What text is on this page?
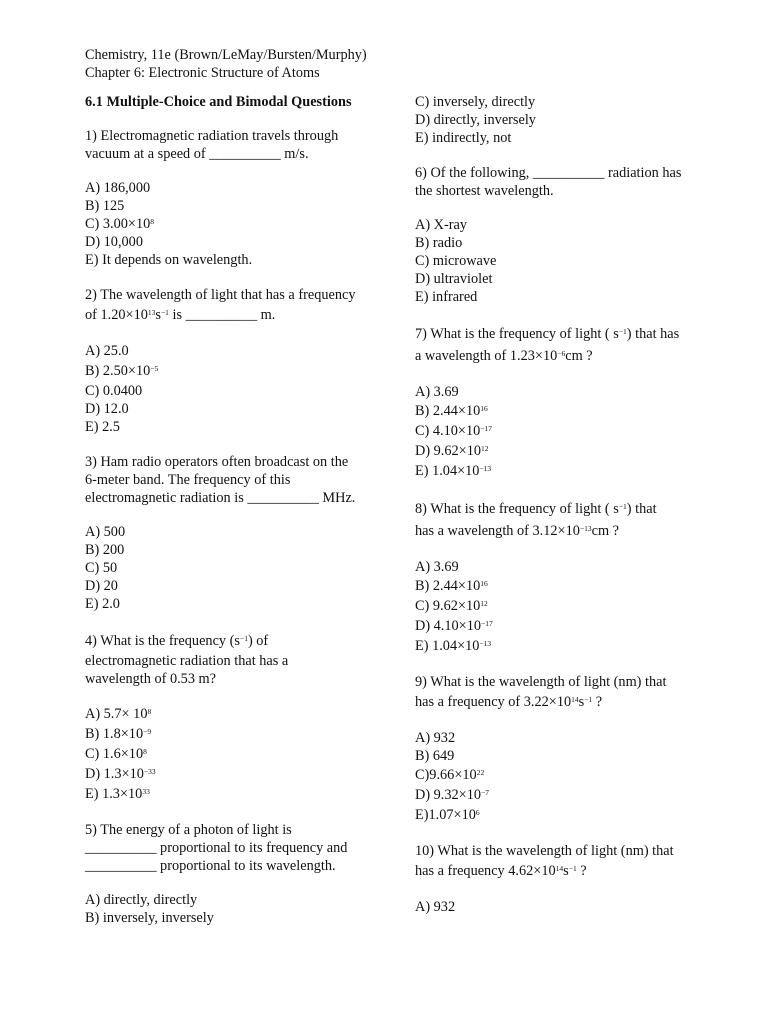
Chemistry, 11e (Brown/LeMay/Bursten/Murphy)
Chapter 6: Electronic Structure of Atoms
6.1 Multiple-Choice and Bimodal Questions
1) Electromagnetic radiation travels through
vacuum at a speed of __________ m/s.
A) 186,000
B) 125
C) $3.00\times 10^8$
D) 10,000
E) It depends on wavelength.
2) The wavelength of light that has a frequency
of $1.20\times 10^{13}s^{-1}$ is __________ m.
A) 25.0
B) $2.50\times 10^{-5}$
C) 0.0400
D) 12.0
E) 2.5
3) Ham radio operators often broadcast on the
6-meter band. The frequency of this
electromagnetic radiation is __________ MHz.
A) 500
B) 200
C) 50
D) 20
E) 2.0
4) What is the frequency $(s^{-1})$ of
electromagnetic radiation that has a
wavelength of 0.53 m?
A) $5.7\times 10^8$
B) $1.8\times 10^{-9}$
C) $1.6\times 10^8$
D) $1.3\times 10^{-33}$
E) $1.3\times 10^{33}$
5) The energy of a photon of light is
__________ proportional to its frequency and
__________ proportional to its wavelength.
A) directly, directly
B) inversely, inversely
C) inversely, directly
D) directly, inversely
E) indirectly, not
6) Of the following, __________ radiation has
the shortest wavelength.
A) X-ray
B) radio
C) microwave
D) ultraviolet
E) infrared
7) What is the frequency of light ( $s^{-1}$) that has
a wavelength of $1.23\times 10^{-6}cm$ ?
A) 3.69
B) $2.44\times 10^{16}$
C) $4.10\times 10^{-17}$
D) $9.62\times 10^{12}$
E) $1.04\times 10^{-13}$
8) What is the frequency of light ( $s^{-1}$) that
has a wavelength of $3.12\times 10^{-13}cm$ ?
A) 3.69
B) $2.44\times 10^{16}$
C) $9.62\times 10^{12}$
D) $4.10\times 10^{-17}$
E) $1.04\times 10^{-13}$
9) What is the wavelength of light (nm) that
has a frequency of $3.22\times 10^{14}s^{-1}$ ?
A) 932
B) 649
$C)9.66\times 10^{22}$
D) $9.32\times 10^{-7}$
$E)1.07\times 10^6$
10) What is the wavelength of light (nm) that
has a frequency $4.62\times 10^{14}s^{-1}$ ?
A) 932
